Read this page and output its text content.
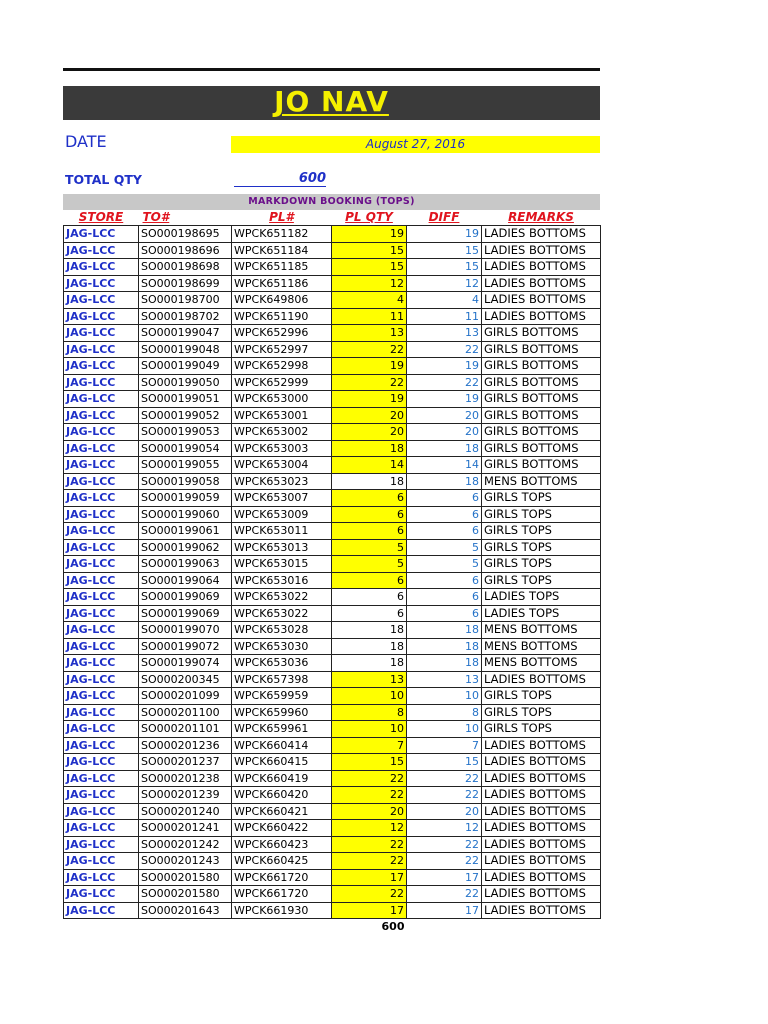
JO NAV
DATE	August 27, 2016
TOTAL QTY	600
MARKDOWN BOOKING (TOPS)
STORE	TO#	PL#	PL QTY	DIFF	REMARKS
JAG-LCC	SO000198695	WPCK651182	19	19	LADIES BOTTOMS
JAG-LCC	SO000198696	WPCK651184	15	15	LADIES BOTTOMS
JAG-LCC	SO000198698	WPCK651185	15	15	LADIES BOTTOMS
JAG-LCC	SO000198699	WPCK651186	12	12	LADIES BOTTOMS
JAG-LCC	SO000198700	WPCK649806	4	4	LADIES BOTTOMS
JAG-LCC	SO000198702	WPCK651190	11	11	LADIES BOTTOMS
JAG-LCC	SO000199047	WPCK652996	13	13	GIRLS BOTTOMS
JAG-LCC	SO000199048	WPCK652997	22	22	GIRLS BOTTOMS
JAG-LCC	SO000199049	WPCK652998	19	19	GIRLS BOTTOMS
JAG-LCC	SO000199050	WPCK652999	22	22	GIRLS BOTTOMS
JAG-LCC	SO000199051	WPCK653000	19	19	GIRLS BOTTOMS
JAG-LCC	SO000199052	WPCK653001	20	20	GIRLS BOTTOMS
JAG-LCC	SO000199053	WPCK653002	20	20	GIRLS BOTTOMS
JAG-LCC	SO000199054	WPCK653003	18	18	GIRLS BOTTOMS
JAG-LCC	SO000199055	WPCK653004	14	14	GIRLS BOTTOMS
JAG-LCC	SO000199058	WPCK653023	18	18	MENS BOTTOMS
JAG-LCC	SO000199059	WPCK653007	6	6	GIRLS TOPS
JAG-LCC	SO000199060	WPCK653009	6	6	GIRLS TOPS
JAG-LCC	SO000199061	WPCK653011	6	6	GIRLS TOPS
JAG-LCC	SO000199062	WPCK653013	5	5	GIRLS TOPS
JAG-LCC	SO000199063	WPCK653015	5	5	GIRLS TOPS
JAG-LCC	SO000199064	WPCK653016	6	6	GIRLS TOPS
JAG-LCC	SO000199069	WPCK653022	6	6	LADIES TOPS
JAG-LCC	SO000199069	WPCK653022	6	6	LADIES TOPS
JAG-LCC	SO000199070	WPCK653028	18	18	MENS BOTTOMS
JAG-LCC	SO000199072	WPCK653030	18	18	MENS BOTTOMS
JAG-LCC	SO000199074	WPCK653036	18	18	MENS BOTTOMS
JAG-LCC	SO000200345	WPCK657398	13	13	LADIES BOTTOMS
JAG-LCC	SO000201099	WPCK659959	10	10	GIRLS TOPS
JAG-LCC	SO000201100	WPCK659960	8	8	GIRLS TOPS
JAG-LCC	SO000201101	WPCK659961	10	10	GIRLS TOPS
JAG-LCC	SO000201236	WPCK660414	7	7	LADIES BOTTOMS
JAG-LCC	SO000201237	WPCK660415	15	15	LADIES BOTTOMS
JAG-LCC	SO000201238	WPCK660419	22	22	LADIES BOTTOMS
JAG-LCC	SO000201239	WPCK660420	22	22	LADIES BOTTOMS
JAG-LCC	SO000201240	WPCK660421	20	20	LADIES BOTTOMS
JAG-LCC	SO000201241	WPCK660422	12	12	LADIES BOTTOMS
JAG-LCC	SO000201242	WPCK660423	22	22	LADIES BOTTOMS
JAG-LCC	SO000201243	WPCK660425	22	22	LADIES BOTTOMS
JAG-LCC	SO000201580	WPCK661720	17	17	LADIES BOTTOMS
JAG-LCC	SO000201580	WPCK661720	22	22	LADIES BOTTOMS
JAG-LCC	SO000201643	WPCK661930	17	17	LADIES BOTTOMS
600
